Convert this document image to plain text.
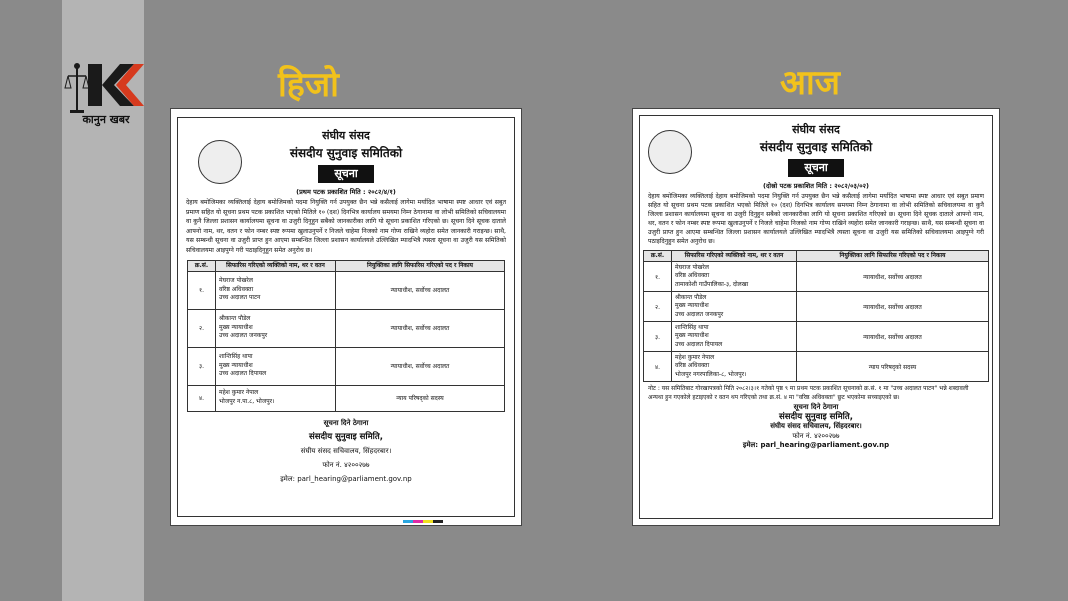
कानुन खबर
हिजो	आज
संघीय संसद
संसदीय सुनुवाइ समितिको
सूचना
(प्रथम पटक प्रकाशित मिति : २०८२/४/१)
देहाय बमोजिमका व्यक्तिलाई देहाय बमोजिमको पदमा नियुक्ति गर्न उपयुक्त छैन भन्ने कसैलाई लागेमा मर्यादित भाषामा स्पष्ट आधार एवं सबुत प्रमाण सहित यो सूचना प्रथम पटक प्रकाशित भएको मितिले १० (दश) दिनभित्र कार्यालय समयमा निम्न ठेगानामा वा लोभी समितिको सचिवालयमा वा कुनै जिल्ला प्रशासन कार्यालयमा सूचना वा उजुरी दिनुहुन सबैको जानकारीका लागि यो सूचना प्रकाशित गरिएको छ। सूचना दिने सूचक दाताले आफ्नो नाम, थर, वतन र फोन नम्बर स्पष्ट रूपमा खुलाउनुपर्ने र निजले चाहेमा निजको नाम गोप्य राखिने व्यहोरा समेत जानकारी गराइन्छ। साथै, यस सम्बन्धी सूचना वा उजुरी प्राप्त हुन आएमा सम्बन्धित जिल्ला प्रशासन कार्यालयले उल्लिखित म्यादभित्रै त्यस्ता सूचना वा उजुरी यस समितिको सचिवालयमा आइपुग्ने गरी पठाइदिनुहुन समेत अनुरोध छ।
क्र.सं.	सिफारिस गरिएको व्यक्तिको नाम, थर र वतन	नियुक्तिका लागि सिफारिस गरिएको पद र निकाय
१.	मेघराज पोखरेल
वरिष्ठ अधिवक्ता
उच्च अदालत पाटन	न्यायाधीश, सर्वोच्च अदालत
२.	श्रीकान्त पौडेल
मुख्य न्यायाधीश
उच्च अदालत जनकपुर	न्यायाधीश, सर्वोच्च अदालत
३.	शान्तिसिंह थापा
मुख्य न्यायाधीश
उच्च अदालत दिपायल	न्यायाधीश, सर्वोच्च अदालत
४.	महेश कुमार नेपाल
भोजपुर न.पा.८, भोजपुर।	न्याय परिषद्को सदस्य
सूचना दिने ठेगाना
संसदीय सुनुवाइ समिति,
संघीय संसद सचिवालय, सिंहदरबार।
फोन नं. ४२००२७७
इमेल: parl_hearing@parliament.gov.np
संघीय संसद
संसदीय सुनुवाइ समितिको
सूचना
(दोस्रो पटक प्रकाशित मिति : २०८२/०३/०२)
देहाय बमोजिमका व्यक्तिलाई देहाय बमोजिमको पदमा नियुक्ति गर्न उपयुक्त छैन भन्ने कसैलाई लागेमा मर्यादित भाषामा स्पष्ट आधार एवं सबुत प्रमाण सहित यो सूचना प्रथम पटक प्रकाशित भएको मितिले १० (दश) दिनभित्र कार्यालय समयमा निम्न ठेगानामा वा लोभी समितिको सचिवालयमा वा कुनै जिल्ला प्रशासन कार्यालयमा सूचना वा उजुरी दिनुहुन सबैको जानकारीका लागि यो सूचना प्रकाशित गरिएको छ। सूचना दिने सूचक दाताले आफ्नो नाम, थर, वतन र फोन नम्बर स्पष्ट रूपमा खुलाउनुपर्ने र निजले चाहेमा निजको नाम गोप्य राखिने व्यहोरा समेत जानकारी गराइन्छ। साथै, यस सम्बन्धी सूचना वा उजुरी प्राप्त हुन आएमा सम्बन्धित जिल्ला प्रशासन कार्यालयले उल्लिखित म्यादभित्रै त्यस्ता सूचना वा उजुरी यस समितिको सचिवालयमा आइपुग्ने गरी पठाइदिनुहुन समेत अनुरोध छ।
क्र.सं.	सिफारिस गरिएको व्यक्तिको नाम, थर र वतन	नियुक्तिका लागि सिफारिस गरिएको पद र निकाय
१.	मेघराज पोखरेल
वरिष्ठ अधिवक्ता
तामाकोशी गाउँपालिका-३, दोलखा	न्यायाधीश, सर्वोच्च अदालत
२.	श्रीकान्त पौडेल
मुख्य न्यायाधीश
उच्च अदालत जनकपुर	न्यायाधीश, सर्वोच्च अदालत
३.	शान्तिसिंह थापा
मुख्य न्यायाधीश
उच्च अदालत दिपायल	न्यायाधीश, सर्वोच्च अदालत
४.	महेश कुमार नेपाल
वरिष्ठ अधिवक्ता
भोजपुर नगरपालिका-८, भोजपुर।	न्याय परिषद्को सदस्य
नोट : यस समितिबाट गोरखापत्रको मिति २०८२।३।१ गतेको पृष्ठ ९ मा प्रथम पटक प्रकाशित सूचनाको क्र.सं. १ मा "उच्च अदालत पाटन" भन्ने शब्दावली अन्यथा हुन गएकोले हटाइएको र वतन थप गरिएको तथा क्र.सं. ४ मा "वरिष्ठ अधिवक्ता" छुट भएकोमा सच्याइएको छ।
सूचना दिने ठेगाना
संसदीय सुनुवाइ समिति,
संघीय संसद सचिवालय, सिंहदरबार।
फोन नं. ४२००२७७
इमेल: parl_hearing@parliament.gov.np
